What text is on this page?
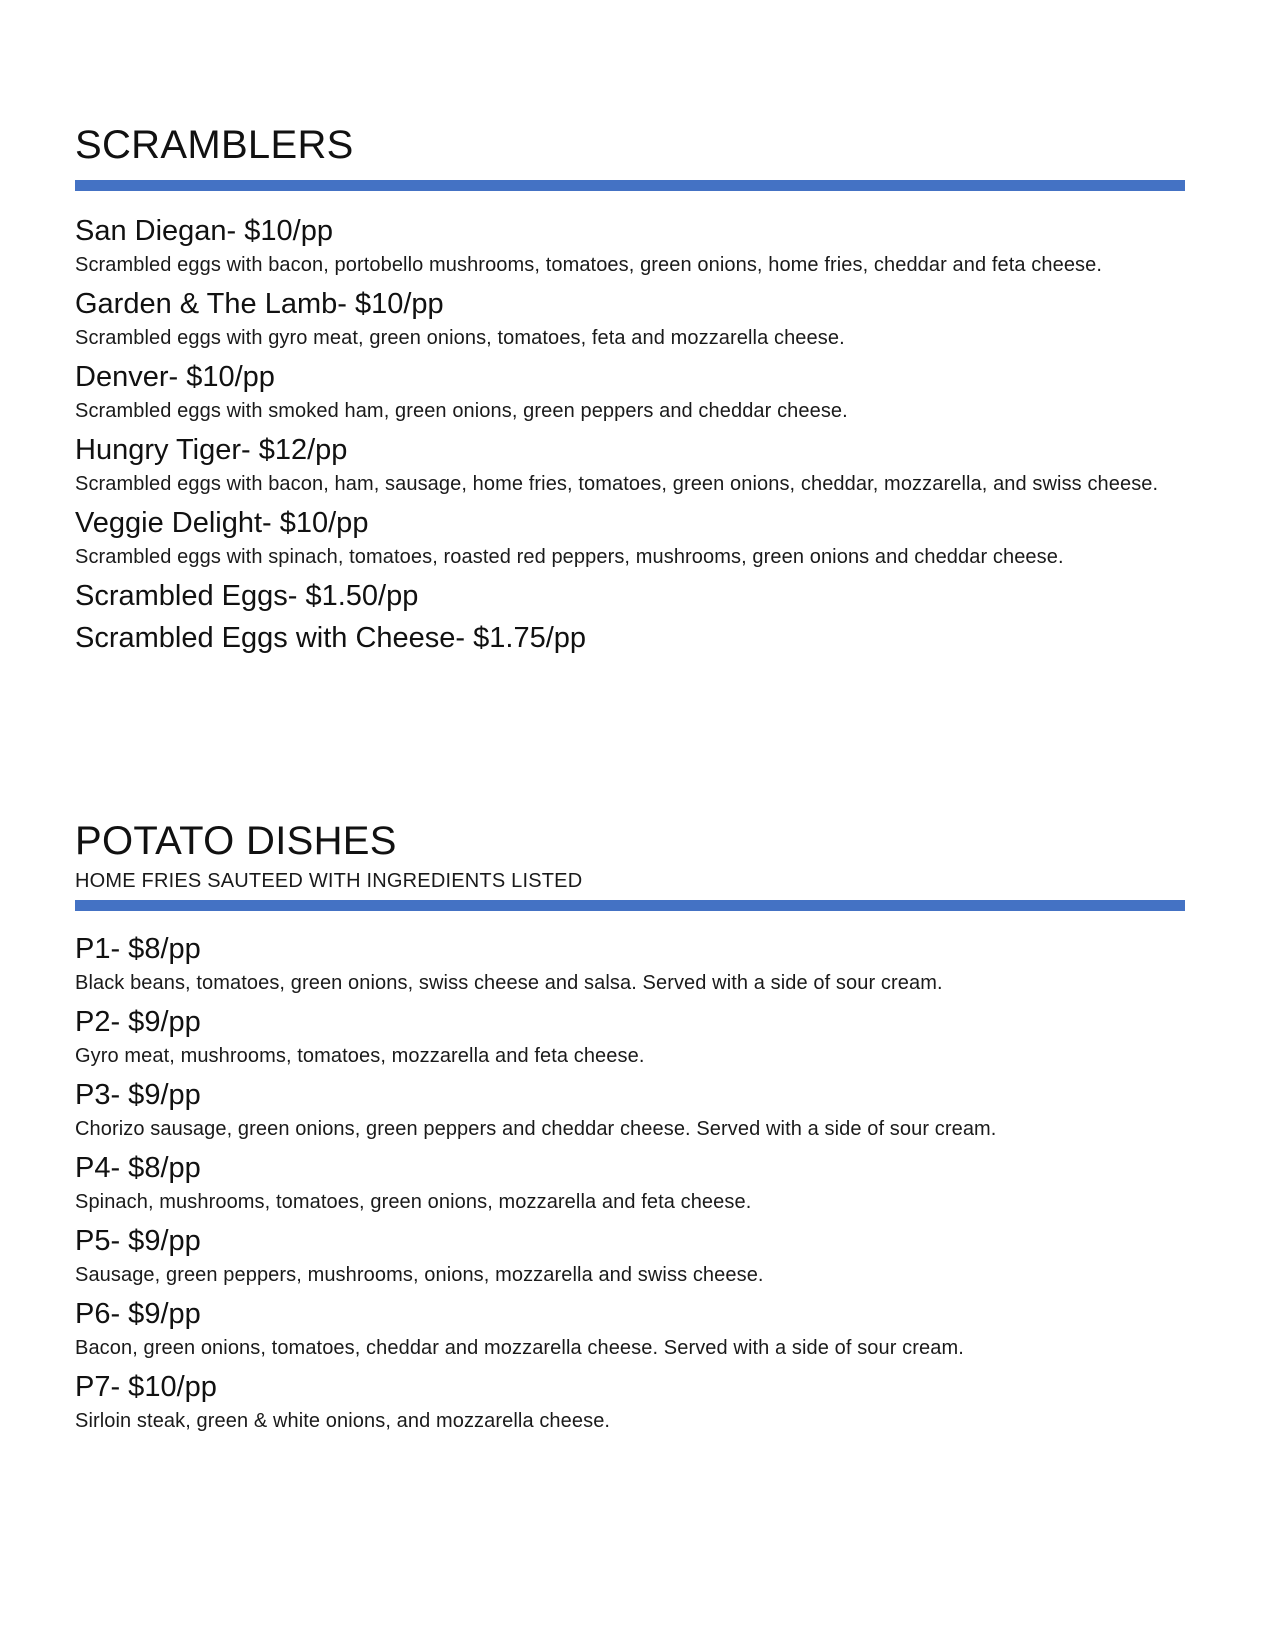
SCRAMBLERS
San Diegan- $10/pp

Scrambled eggs with bacon, portobello mushrooms, tomatoes, green onions, home fries, cheddar and feta cheese.

Garden & The Lamb- $10/pp

Scrambled eggs with gyro meat, green onions, tomatoes, feta and mozzarella cheese.

Denver- $10/pp

Scrambled eggs with smoked ham, green onions, green peppers and cheddar cheese.

Hungry Tiger- $12/pp

Scrambled eggs with bacon, ham, sausage, home fries, tomatoes, green onions, cheddar, mozzarella, and swiss cheese.

Veggie Delight- $10/pp

Scrambled eggs with spinach, tomatoes, roasted red peppers, mushrooms, green onions and cheddar cheese.

Scrambled Eggs- $1.50/pp
Scrambled Eggs with Cheese- $1.75/pp
POTATO DISHES

HOME FRIES SAUTEED WITH INGREDIENTS LISTED

P1- $8/pp

Black beans, tomatoes, green onions, swiss cheese and salsa. Served with a side of sour cream.

P2- $9/pp

Gyro meat, mushrooms, tomatoes, mozzarella and feta cheese.

P3- $9/pp

Chorizo sausage, green onions, green peppers and cheddar cheese. Served with a side of sour cream.

P4- $8/pp

Spinach, mushrooms, tomatoes, green onions, mozzarella and feta cheese.

P5- $9/pp

Sausage, green peppers, mushrooms, onions, mozzarella and swiss cheese.

P6- $9/pp

Bacon, green onions, tomatoes, cheddar and mozzarella cheese. Served with a side of sour cream.

P7- $10/pp

Sirloin steak, green & white onions, and mozzarella cheese.
